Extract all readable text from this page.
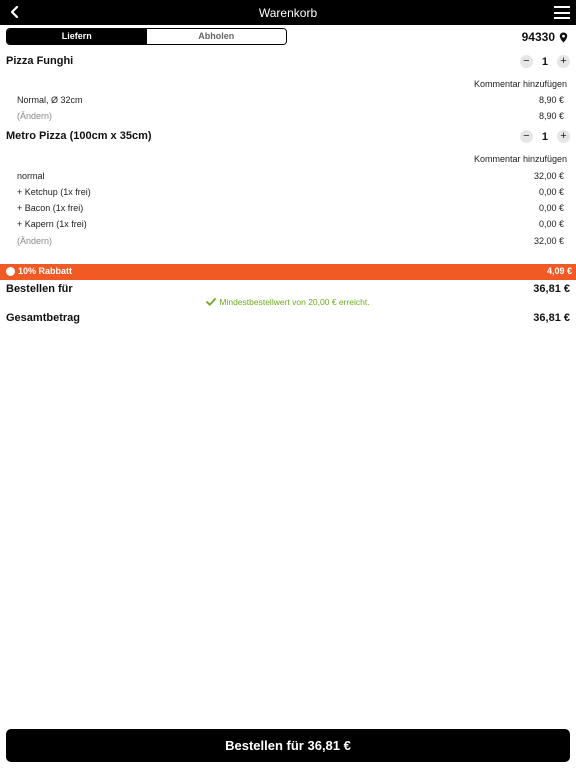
Warenkorb
Liefern	Abholen	94330
Pizza Funghi	− 1 +
Kommentar hinzufügen
Normal, Ø 32cm	8,90 €
(Ändern)	8,90 €
Metro Pizza (100cm x 35cm)	− 1 +
Kommentar hinzufügen
normal	32,00 €
+ Ketchup (1x frei)	0,00 €
+ Bacon (1x frei)	0,00 €
+ Kapern (1x frei)	0,00 €
(Ändern)	32,00 €
10% Rabbatt	4,09 €
Bestellen für	36,81 €
Mindestbestellwert von 20,00 € erreicht.
Gesamtbetrag	36,81 €
Bestellen für 36,81 €
